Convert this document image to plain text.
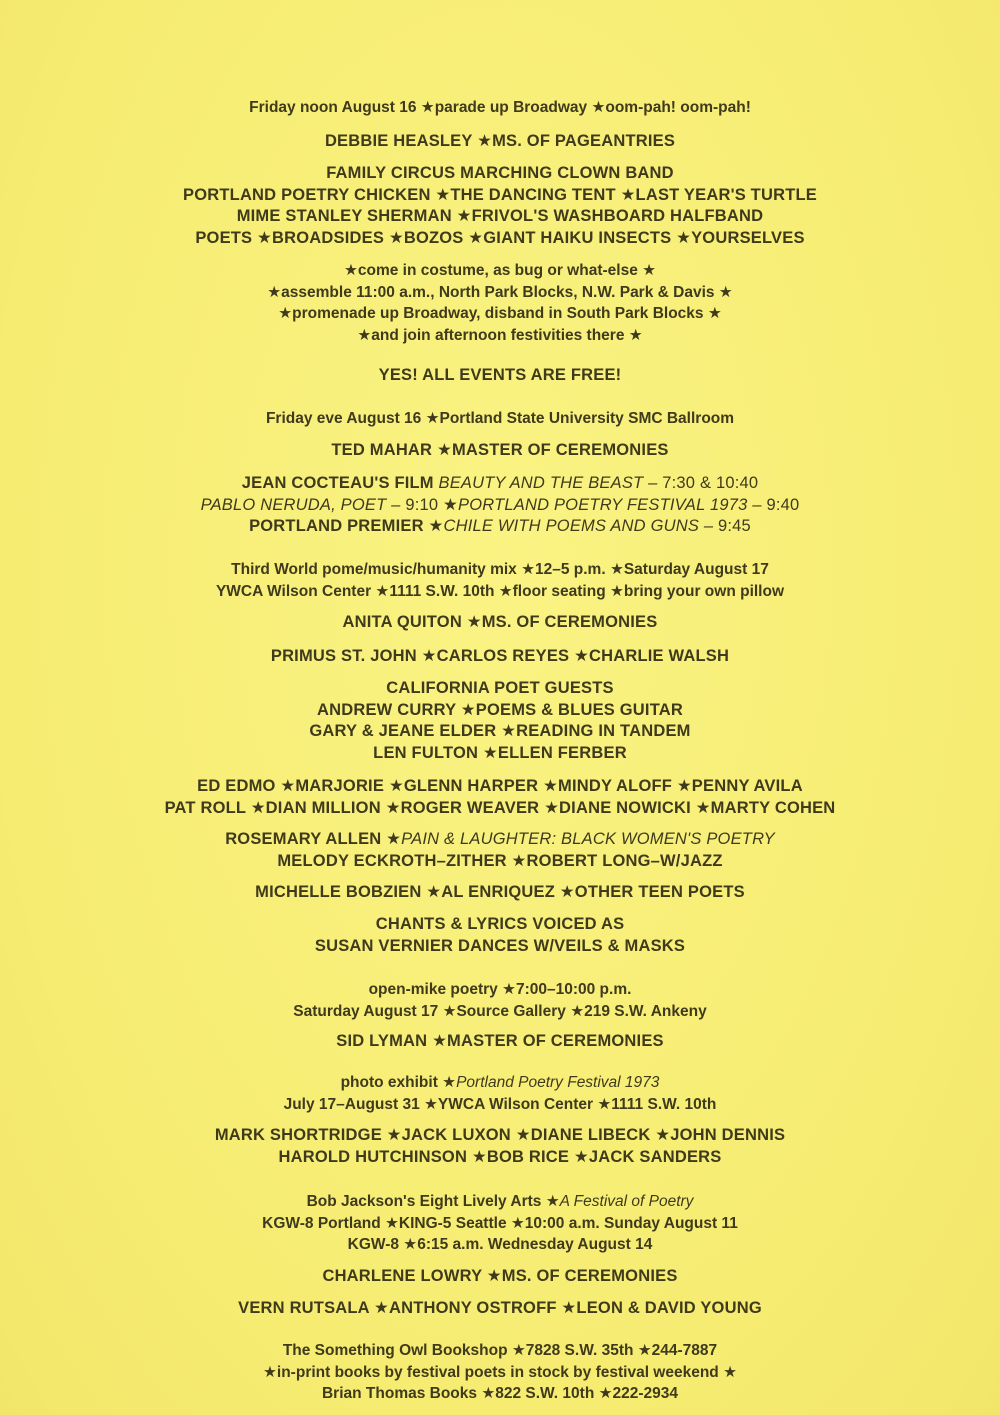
Friday noon August 16 ★parade up Broadway ★oom-pah! oom-pah!

DEBBIE HEASLEY ★MS. OF PAGEANTRIES

FAMILY CIRCUS MARCHING CLOWN BAND

PORTLAND POETRY CHICKEN ★THE DANCING TENT ★LAST YEAR'S TURTLE

MIME STANLEY SHERMAN ★FRIVOL'S WASHBOARD HALFBAND

POETS ★BROADSIDES ★BOZOS ★GIANT HAIKU INSECTS ★YOURSELVES

★come in costume, as bug or what-else ★

★assemble 11:00 a.m., North Park Blocks, N.W. Park & Davis ★

★promenade up Broadway, disband in South Park Blocks ★

★and join afternoon festivities there ★

YES! ALL EVENTS ARE FREE!

Friday eve August 16 ★Portland State University SMC Ballroom

TED MAHAR ★MASTER OF CEREMONIES

JEAN COCTEAU'S FILM BEAUTY AND THE BEAST – 7:30 & 10:40

PABLO NERUDA, POET – 9:10 ★PORTLAND POETRY FESTIVAL 1973 – 9:40

PORTLAND PREMIER ★CHILE WITH POEMS AND GUNS – 9:45

Third World pome/music/humanity mix ★12–5 p.m. ★Saturday August 17

YWCA Wilson Center ★1111 S.W. 10th ★floor seating ★bring your own pillow

ANITA QUITON ★MS. OF CEREMONIES

PRIMUS ST. JOHN ★CARLOS REYES ★CHARLIE WALSH

CALIFORNIA POET GUESTS

ANDREW CURRY ★POEMS & BLUES GUITAR

GARY & JEANE ELDER ★READING IN TANDEM

LEN FULTON ★ELLEN FERBER

ED EDMO ★MARJORIE ★GLENN HARPER ★MINDY ALOFF ★PENNY AVILA

PAT ROLL ★DIAN MILLION ★ROGER WEAVER ★DIANE NOWICKI ★MARTY COHEN

ROSEMARY ALLEN ★PAIN & LAUGHTER: BLACK WOMEN'S POETRY

MELODY ECKROTH–ZITHER ★ROBERT LONG–W/JAZZ

MICHELLE BOBZIEN ★AL ENRIQUEZ ★OTHER TEEN POETS

CHANTS & LYRICS VOICED AS

SUSAN VERNIER DANCES W/VEILS & MASKS

open-mike poetry ★7:00–10:00 p.m.

Saturday August 17 ★Source Gallery ★219 S.W. Ankeny

SID LYMAN ★MASTER OF CEREMONIES

photo exhibit ★Portland Poetry Festival 1973

July 17–August 31 ★YWCA Wilson Center ★1111 S.W. 10th

MARK SHORTRIDGE ★JACK LUXON ★DIANE LIBECK ★JOHN DENNIS

HAROLD HUTCHINSON ★BOB RICE ★JACK SANDERS

Bob Jackson's Eight Lively Arts ★A Festival of Poetry

KGW-8 Portland ★KING-5 Seattle ★10:00 a.m. Sunday August 11

KGW-8 ★6:15 a.m. Wednesday August 14

CHARLENE LOWRY ★MS. OF CEREMONIES

VERN RUTSALA ★ANTHONY OSTROFF ★LEON & DAVID YOUNG

The Something Owl Bookshop ★7828 S.W. 35th ★244-7887

★in-print books by festival poets in stock by festival weekend ★

Brian Thomas Books ★822 S.W. 10th ★222-2934
